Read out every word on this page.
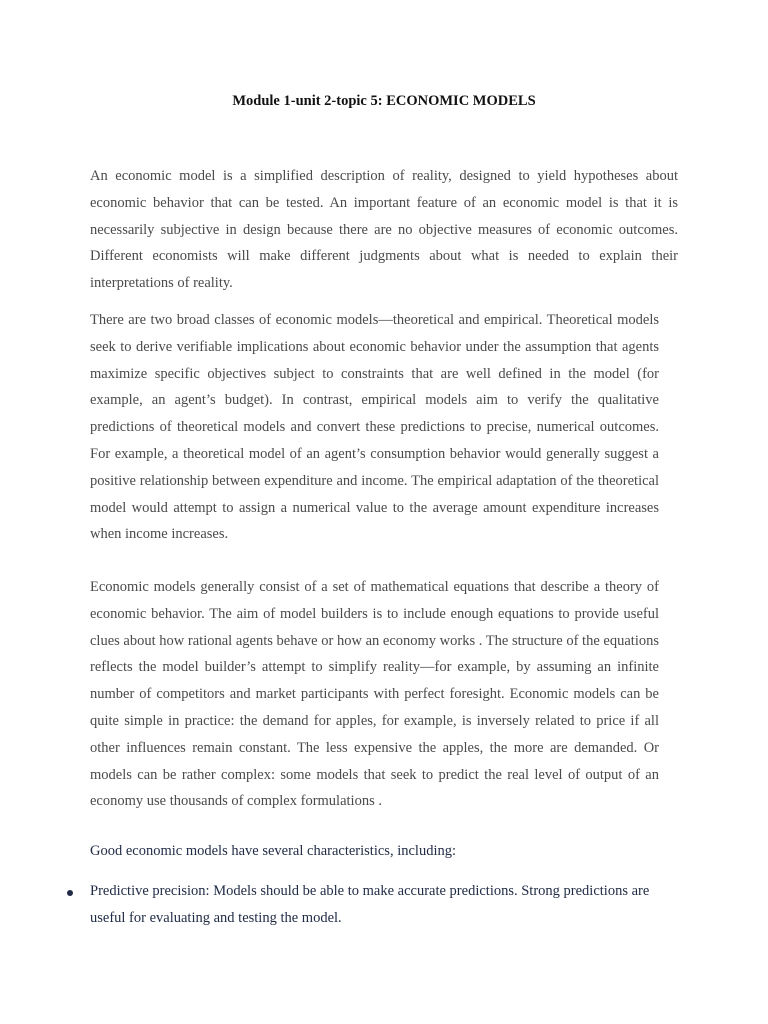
Module 1-unit 2-topic 5: ECONOMIC MODELS

An economic model is a simplified description of reality, designed to yield hypotheses about economic behavior that can be tested. An important feature of an economic model is that it is necessarily subjective in design because there are no objective measures of economic outcomes. Different economists will make different judgments about what is needed to explain their interpretations of reality.

There are two broad classes of economic models—theoretical and empirical. Theoretical models seek to derive verifiable implications about economic behavior under the assumption that agents maximize specific objectives subject to constraints that are well defined in the model (for example, an agent’s budget). In contrast, empirical models aim to verify the qualitative predictions of theoretical models and convert these predictions to precise, numerical outcomes. For example, a theoretical model of an agent’s consumption behavior would generally suggest a positive relationship between expenditure and income. The empirical adaptation of the theoretical model would attempt to assign a numerical value to the average amount expenditure increases when income increases.

Economic models generally consist of a set of mathematical equations that describe a theory of economic behavior. The aim of model builders is to include enough equations to provide useful clues about how rational agents behave or how an economy works . The structure of the equations reflects the model builder’s attempt to simplify reality—for example, by assuming an infinite number of competitors and market participants with perfect foresight. Economic models can be quite simple in practice: the demand for apples, for example, is inversely related to price if all other influences remain constant. The less expensive the apples, the more are demanded. Or models can be rather complex: some models that seek to predict the real level of output of an economy use thousands of complex formulations .

Good economic models have several characteristics, including:

Predictive precision: Models should be able to make accurate predictions. Strong predictions are useful for evaluating and testing the model.
